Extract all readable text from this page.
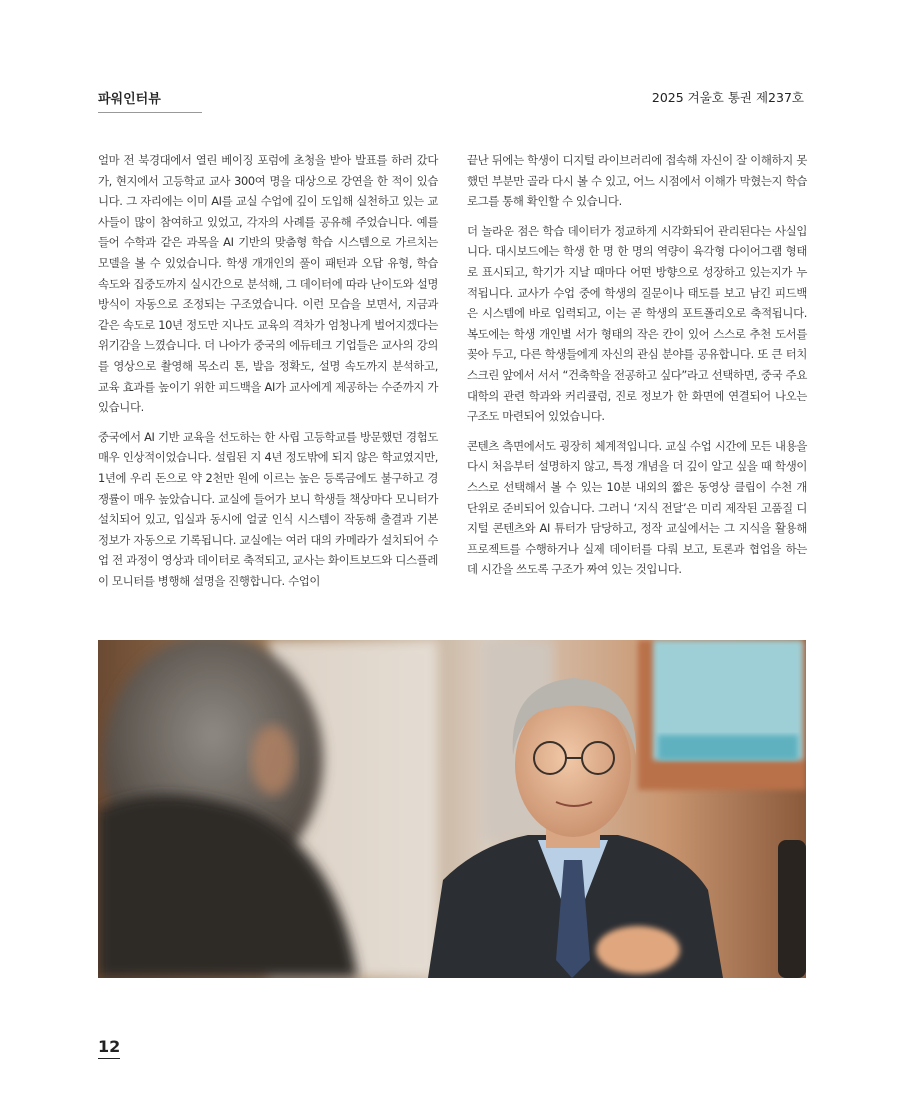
파워인터뷰	2025 겨울호 통권 제237호

얼마 전 북경대에서 열린 베이징 포럼에 초청을 받아 발표를 하러 갔다가, 현지에서 고등학교 교사 300여 명을 대상으로 강연을 한 적이 있습니다. 그 자리에는 이미 AI를 교실 수업에 깊이 도입해 실천하고 있는 교사들이 많이 참여하고 있었고, 각자의 사례를 공유해 주었습니다. 예를 들어 수학과 같은 과목을 AI 기반의 맞춤형 학습 시스템으로 가르치는 모델을 볼 수 있었습니다. 학생 개개인의 풀이 패턴과 오답 유형, 학습 속도와 집중도까지 실시간으로 분석해, 그 데이터에 따라 난이도와 설명 방식이 자동으로 조정되는 구조였습니다. 이런 모습을 보면서, 지금과 같은 속도로 10년 정도만 지나도 교육의 격차가 엄청나게 벌어지겠다는 위기감을 느꼈습니다. 더 나아가 중국의 에듀테크 기업들은 교사의 강의를 영상으로 촬영해 목소리 톤, 발음 정확도, 설명 속도까지 분석하고, 교육 효과를 높이기 위한 피드백을 AI가 교사에게 제공하는 수준까지 가 있습니다.

중국에서 AI 기반 교육을 선도하는 한 사립 고등학교를 방문했던 경험도 매우 인상적이었습니다. 설립된 지 4년 정도밖에 되지 않은 학교였지만, 1년에 우리 돈으로 약 2천만 원에 이르는 높은 등록금에도 불구하고 경쟁률이 매우 높았습니다. 교실에 들어가 보니 학생들 책상마다 모니터가 설치되어 있고, 입실과 동시에 얼굴 인식 시스템이 작동해 출결과 기본 정보가 자동으로 기록됩니다. 교실에는 여러 대의 카메라가 설치되어 수업 전 과정이 영상과 데이터로 축적되고, 교사는 화이트보드와 디스플레이 모니터를 병행해 설명을 진행합니다. 수업이

끝난 뒤에는 학생이 디지털 라이브러리에 접속해 자신이 잘 이해하지 못했던 부분만 골라 다시 볼 수 있고, 어느 시점에서 이해가 막혔는지 학습 로그를 통해 확인할 수 있습니다.

더 놀라운 점은 학습 데이터가 정교하게 시각화되어 관리된다는 사실입니다. 대시보드에는 학생 한 명 한 명의 역량이 육각형 다이어그램 형태로 표시되고, 학기가 지날 때마다 어떤 방향으로 성장하고 있는지가 누적됩니다. 교사가 수업 중에 학생의 질문이나 태도를 보고 남긴 피드백은 시스템에 바로 입력되고, 이는 곧 학생의 포트폴리오로 축적됩니다. 복도에는 학생 개인별 서가 형태의 작은 칸이 있어 스스로 추천 도서를 꽂아 두고, 다른 학생들에게 자신의 관심 분야를 공유합니다. 또 큰 터치 스크린 앞에서 서서 “건축학을 전공하고 싶다”라고 선택하면, 중국 주요 대학의 관련 학과와 커리큘럼, 진로 정보가 한 화면에 연결되어 나오는 구조도 마련되어 있었습니다.

콘텐츠 측면에서도 굉장히 체계적입니다. 교실 수업 시간에 모든 내용을 다시 처음부터 설명하지 않고, 특정 개념을 더 깊이 알고 싶을 때 학생이 스스로 선택해서 볼 수 있는 10분 내외의 짧은 동영상 클립이 수천 개 단위로 준비되어 있습니다. 그러니 ‘지식 전달’은 미리 제작된 고품질 디지털 콘텐츠와 AI 튜터가 담당하고, 정작 교실에서는 그 지식을 활용해 프로젝트를 수행하거나 실제 데이터를 다뤄 보고, 토론과 협업을 하는 데 시간을 쓰도록 구조가 짜여 있는 것입니다.

12
